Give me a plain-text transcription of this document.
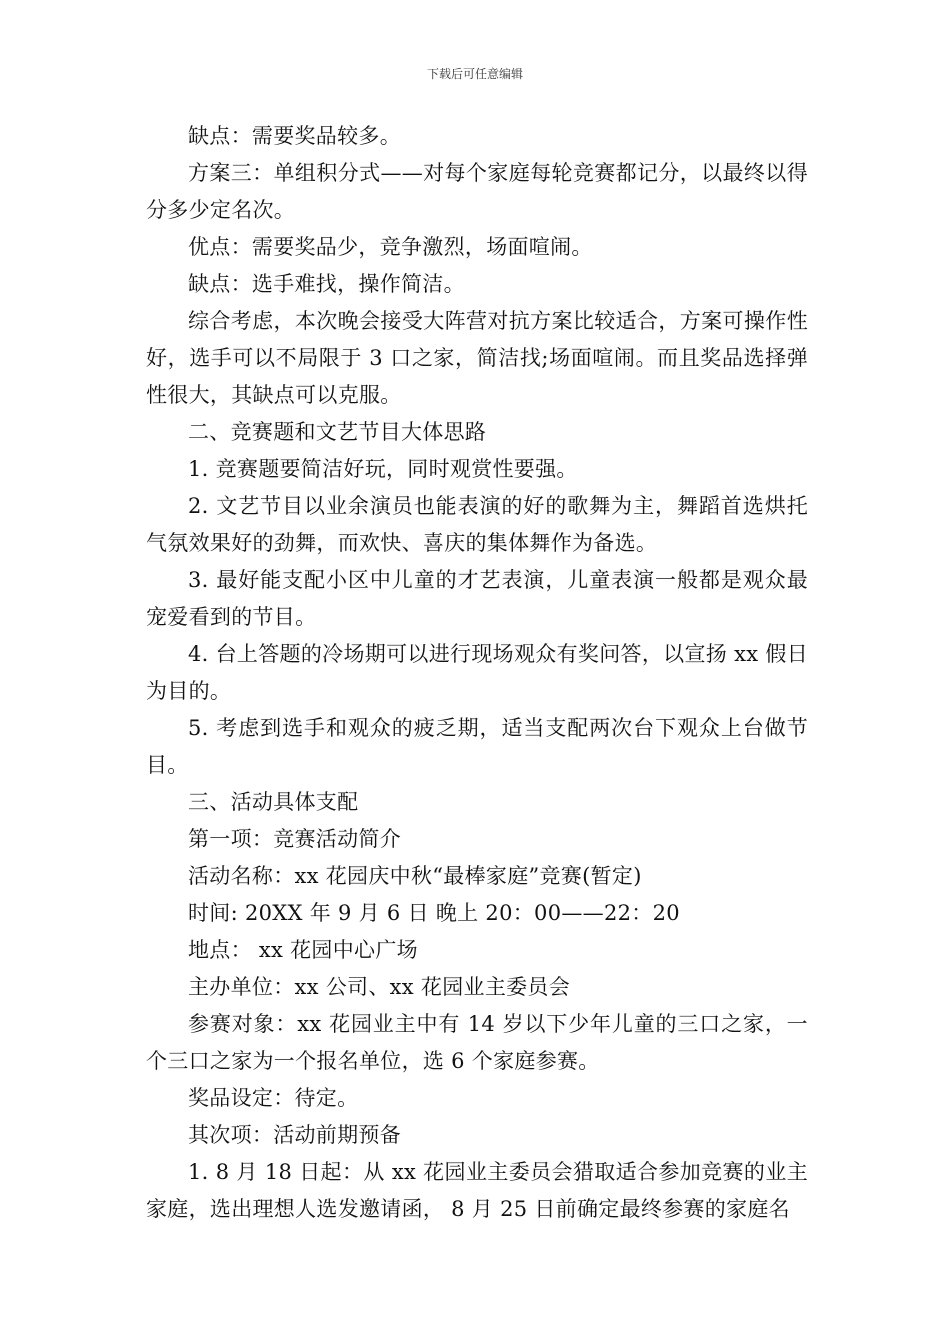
下载后可任意编辑

缺点：需要奖品较多。

方案三：单组积分式——对每个家庭每轮竞赛都记分，以最终以得分多少定名次。

优点：需要奖品少，竞争激烈，场面喧闹。

缺点：选手难找，操作简洁。

综合考虑，本次晚会接受大阵营对抗方案比较适合，方案可操作性好，选手可以不局限于 3 口之家，简洁找;场面喧闹。而且奖品选择弹性很大，其缺点可以克服。

二、竞赛题和文艺节目大体思路

1. 竞赛题要简洁好玩，同时观赏性要强。

2. 文艺节目以业余演员也能表演的好的歌舞为主，舞蹈首选烘托气氛效果好的劲舞，而欢快、喜庆的集体舞作为备选。

3. 最好能支配小区中儿童的才艺表演，儿童表演一般都是观众最宠爱看到的节目。

4. 台上答题的冷场期可以进行现场观众有奖问答，以宣扬 xx 假日为目的。

5. 考虑到选手和观众的疲乏期，适当支配两次台下观众上台做节目。

三、活动具体支配

第一项：竞赛活动简介

活动名称：xx 花园庆中秋“最棒家庭”竞赛(暂定)

时间: 20XX 年 9 月 6 日 晚上 20：00——22：20

地点： xx 花园中心广场

主办单位：xx 公司、xx 花园业主委员会

参赛对象：xx 花园业主中有 14 岁以下少年儿童的三口之家，一个三口之家为一个报名单位，选 6 个家庭参赛。

奖品设定：待定。

其次项：活动前期预备

1. 8 月 18 日起：从 xx 花园业主委员会猎取适合参加竞赛的业主家庭，选出理想人选发邀请函， 8 月 25 日前确定最终参赛的家庭名
